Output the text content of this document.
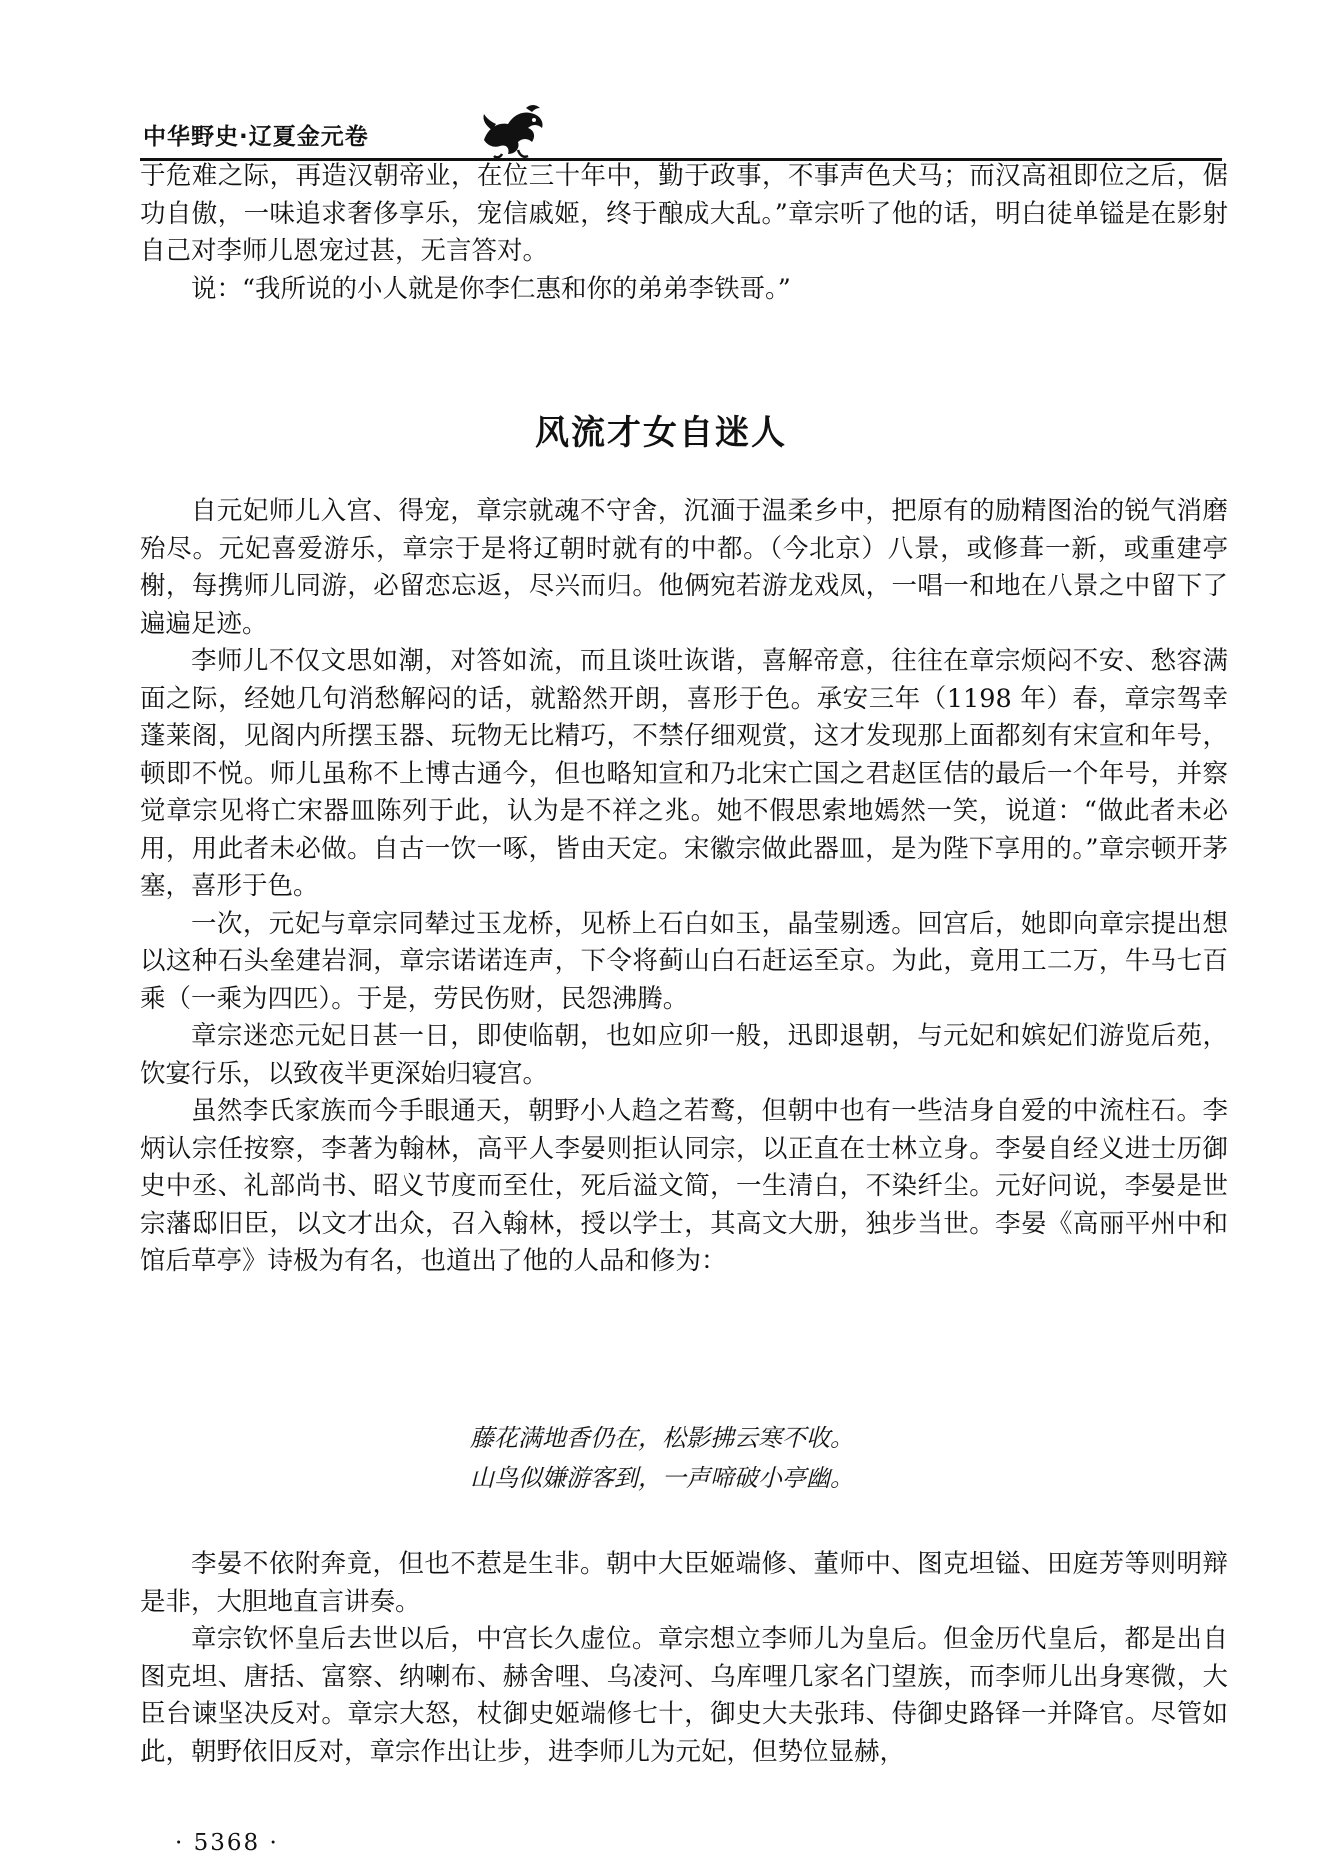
中华野史·辽夏金元卷

于危难之际，再造汉朝帝业，在位三十年中，勤于政事，不事声色犬马；而汉高祖即位之后，倨功自傲，一味追求奢侈享乐，宠信戚姬，终于酿成大乱。”章宗听了他的话，明白徒单镒是在影射自己对李师儿恩宠过甚，无言答对。

说：“我所说的小人就是你李仁惠和你的弟弟李铁哥。”

风流才女自迷人

自元妃师儿入宫、得宠，章宗就魂不守舍，沉湎于温柔乡中，把原有的励精图治的锐气消磨殆尽。元妃喜爱游乐，章宗于是将辽朝时就有的中都。（今北京）八景，或修葺一新，或重建亭榭，每携师儿同游，必留恋忘返，尽兴而归。他俩宛若游龙戏凤，一唱一和地在八景之中留下了遍遍足迹。

李师儿不仅文思如潮，对答如流，而且谈吐诙谐，喜解帝意，往往在章宗烦闷不安、愁容满面之际，经她几句消愁解闷的话，就豁然开朗，喜形于色。承安三年（1198 年）春，章宗驾幸蓬莱阁，见阁内所摆玉器、玩物无比精巧，不禁仔细观赏，这才发现那上面都刻有宋宣和年号，顿即不悦。师儿虽称不上博古通今，但也略知宣和乃北宋亡国之君赵匡佶的最后一个年号，并察觉章宗见将亡宋器皿陈列于此，认为是不祥之兆。她不假思索地嫣然一笑，说道：“做此者未必用，用此者未必做。自古一饮一啄，皆由天定。宋徽宗做此器皿，是为陛下享用的。”章宗顿开茅塞，喜形于色。

一次，元妃与章宗同辇过玉龙桥，见桥上石白如玉，晶莹剔透。回宫后，她即向章宗提出想以这种石头垒建岩洞，章宗诺诺连声，下令将蓟山白石赶运至京。为此，竟用工二万，牛马七百乘（一乘为四匹）。于是，劳民伤财，民怨沸腾。

章宗迷恋元妃日甚一日，即使临朝，也如应卯一般，迅即退朝，与元妃和嫔妃们游览后苑，饮宴行乐，以致夜半更深始归寝宫。

虽然李氏家族而今手眼通天，朝野小人趋之若鹜，但朝中也有一些洁身自爱的中流柱石。李炳认宗任按察，李著为翰林，高平人李晏则拒认同宗，以正直在士林立身。李晏自经义进士历御史中丞、礼部尚书、昭义节度而至仕，死后溢文简，一生清白，不染纤尘。元好问说，李晏是世宗藩邸旧臣，以文才出众，召入翰林，授以学士，其高文大册，独步当世。李晏《高丽平州中和馆后草亭》诗极为有名，也道出了他的人品和修为：

藤花满地香仍在，松影拂云寒不收。
山鸟似嫌游客到，一声啼破小亭幽。

李晏不依附奔竟，但也不惹是生非。朝中大臣姬端修、董师中、图克坦镒、田庭芳等则明辩是非，大胆地直言讲奏。

章宗钦怀皇后去世以后，中宫长久虚位。章宗想立李师儿为皇后。但金历代皇后，都是出自图克坦、唐括、富察、纳喇布、赫舍哩、乌凌河、乌库哩几家名门望族，而李师儿出身寒微，大臣台谏坚决反对。章宗大怒，杖御史姬端修七十，御史大夫张玮、侍御史路铎一并降官。尽管如此，朝野依旧反对，章宗作出让步，进李师儿为元妃，但势位显赫，

· 5368 ·
